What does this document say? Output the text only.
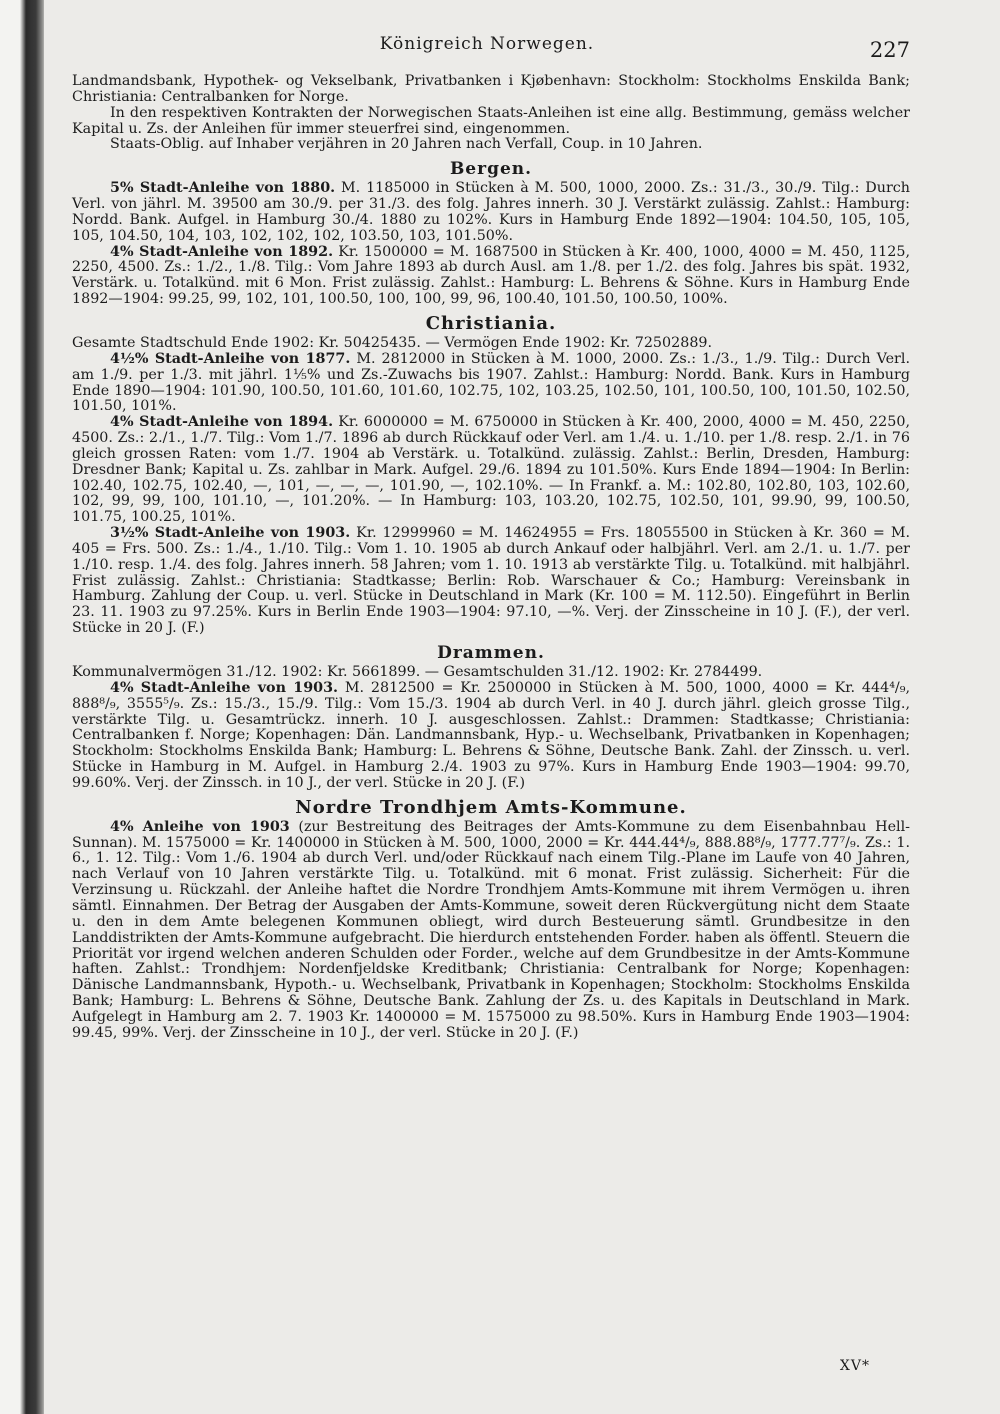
Königreich Norwegen.	227

Landmandsbank, Hypothek- og Vekselbank, Privatbanken i Kjøbenhavn: Stockholm: Stockholms Enskilda Bank; Christiania: Centralbanken for Norge.

In den respektiven Kontrakten der Norwegischen Staats-Anleihen ist eine allg. Bestimmung, gemäss welcher Kapital u. Zs. der Anleihen für immer steuerfrei sind, eingenommen.

Staats-Oblig. auf Inhaber verjähren in 20 Jahren nach Verfall, Coup. in 10 Jahren.

Bergen.

5% Stadt-Anleihe von 1880. M. 1185000 in Stücken à M. 500, 1000, 2000. Zs.: 31./3., 30./9. Tilg.: Durch Verl. von jährl. M. 39500 am 30./9. per 31./3. des folg. Jahres innerh. 30 J. Verstärkt zulässig. Zahlst.: Hamburg: Nordd. Bank. Aufgel. in Hamburg 30./4. 1880 zu 102%. Kurs in Hamburg Ende 1892—1904: 104.50, 105, 105, 105, 104.50, 104, 103, 102, 102, 102, 103.50, 103, 101.50%.

4% Stadt-Anleihe von 1892. Kr. 1500000 = M. 1687500 in Stücken à Kr. 400, 1000, 4000 = M. 450, 1125, 2250, 4500. Zs.: 1./2., 1./8. Tilg.: Vom Jahre 1893 ab durch Ausl. am 1./8. per 1./2. des folg. Jahres bis spät. 1932, Verstärk. u. Totalkünd. mit 6 Mon. Frist zulässig. Zahlst.: Hamburg: L. Behrens & Söhne. Kurs in Hamburg Ende 1892—1904: 99.25, 99, 102, 101, 100.50, 100, 100, 99, 96, 100.40, 101.50, 100.50, 100%.

Christiania.

Gesamte Stadtschuld Ende 1902: Kr. 50425435. — Vermögen Ende 1902: Kr. 72502889.

4½% Stadt-Anleihe von 1877. M. 2812000 in Stücken à M. 1000, 2000. Zs.: 1./3., 1./9. Tilg.: Durch Verl. am 1./9. per 1./3. mit jährl. 1⅕% und Zs.-Zuwachs bis 1907. Zahlst.: Hamburg: Nordd. Bank. Kurs in Hamburg Ende 1890—1904: 101.90, 100.50, 101.60, 101.60, 102.75, 102, 103.25, 102.50, 101, 100.50, 100, 101.50, 102.50, 101.50, 101%.

4% Stadt-Anleihe von 1894. Kr. 6000000 = M. 6750000 in Stücken à Kr. 400, 2000, 4000 = M. 450, 2250, 4500. Zs.: 2./1., 1./7. Tilg.: Vom 1./7. 1896 ab durch Rückkauf oder Verl. am 1./4. u. 1./10. per 1./8. resp. 2./1. in 76 gleich grossen Raten: vom 1./7. 1904 ab Verstärk. u. Totalkünd. zulässig. Zahlst.: Berlin, Dresden, Hamburg: Dresdner Bank; Kapital u. Zs. zahlbar in Mark. Aufgel. 29./6. 1894 zu 101.50%. Kurs Ende 1894—1904: In Berlin: 102.40, 102.75, 102.40, —, 101, —, —, —, 101.90, —, 102.10%. — In Frankf. a. M.: 102.80, 102.80, 103, 102.60, 102, 99, 99, 100, 101.10, —, 101.20%. — In Hamburg: 103, 103.20, 102.75, 102.50, 101, 99.90, 99, 100.50, 101.75, 100.25, 101%.

3½% Stadt-Anleihe von 1903. Kr. 12999960 = M. 14624955 = Frs. 18055500 in Stücken à Kr. 360 = M. 405 = Frs. 500. Zs.: 1./4., 1./10. Tilg.: Vom 1. 10. 1905 ab durch Ankauf oder halbjährl. Verl. am 2./1. u. 1./7. per 1./10. resp. 1./4. des folg. Jahres innerh. 58 Jahren; vom 1. 10. 1913 ab verstärkte Tilg. u. Totalkünd. mit halbjährl. Frist zulässig. Zahlst.: Christiania: Stadtkasse; Berlin: Rob. Warschauer & Co.; Hamburg: Vereinsbank in Hamburg. Zahlung der Coup. u. verl. Stücke in Deutschland in Mark (Kr. 100 = M. 112.50). Eingeführt in Berlin 23. 11. 1903 zu 97.25%. Kurs in Berlin Ende 1903—1904: 97.10, —%. Verj. der Zinsscheine in 10 J. (F.), der verl. Stücke in 20 J. (F.)

Drammen.

Kommunalvermögen 31./12. 1902: Kr. 5661899. — Gesamtschulden 31./12. 1902: Kr. 2784499.

4% Stadt-Anleihe von 1903. M. 2812500 = Kr. 2500000 in Stücken à M. 500, 1000, 4000 = Kr. 444⁴/₉, 888⁸/₉, 3555⁵/₉. Zs.: 15./3., 15./9. Tilg.: Vom 15./3. 1904 ab durch Verl. in 40 J. durch jährl. gleich grosse Tilg., verstärkte Tilg. u. Gesamtrückz. innerh. 10 J. ausgeschlossen. Zahlst.: Drammen: Stadtkasse; Christiania: Centralbanken f. Norge; Kopenhagen: Dän. Landmannsbank, Hyp.- u. Wechselbank, Privatbanken in Kopenhagen; Stockholm: Stockholms Enskilda Bank; Hamburg: L. Behrens & Söhne, Deutsche Bank. Zahl. der Zinssch. u. verl. Stücke in Hamburg in M. Aufgel. in Hamburg 2./4. 1903 zu 97%. Kurs in Hamburg Ende 1903—1904: 99.70, 99.60%. Verj. der Zinssch. in 10 J., der verl. Stücke in 20 J. (F.)

Nordre Trondhjem Amts-Kommune.

4% Anleihe von 1903 (zur Bestreitung des Beitrages der Amts-Kommune zu dem Eisenbahnbau Hell-Sunnan). M. 1575000 = Kr. 1400000 in Stücken à M. 500, 1000, 2000 = Kr. 444.44⁴/₉, 888.88⁸/₉, 1777.77⁷/₉. Zs.: 1. 6., 1. 12. Tilg.: Vom 1./6. 1904 ab durch Verl. und/oder Rückkauf nach einem Tilg.-Plane im Laufe von 40 Jahren, nach Verlauf von 10 Jahren verstärkte Tilg. u. Totalkünd. mit 6 monat. Frist zulässig. Sicherheit: Für die Verzinsung u. Rückzahl. der Anleihe haftet die Nordre Trondhjem Amts-Kommune mit ihrem Vermögen u. ihren sämtl. Einnahmen. Der Betrag der Ausgaben der Amts-Kommune, soweit deren Rückvergütung nicht dem Staate u. den in dem Amte belegenen Kommunen obliegt, wird durch Besteuerung sämtl. Grundbesitze in den Landdistrikten der Amts-Kommune aufgebracht. Die hierdurch entstehenden Forder. haben als öffentl. Steuern die Priorität vor irgend welchen anderen Schulden oder Forder., welche auf dem Grundbesitze in der Amts-Kommune haften. Zahlst.: Trondhjem: Nordenfjeldske Kreditbank; Christiania: Centralbank for Norge; Kopenhagen: Dänische Landmannsbank, Hypoth.- u. Wechselbank, Privatbank in Kopenhagen; Stockholm: Stockholms Enskilda Bank; Hamburg: L. Behrens & Söhne, Deutsche Bank. Zahlung der Zs. u. des Kapitals in Deutschland in Mark. Aufgelegt in Hamburg am 2. 7. 1903 Kr. 1400000 = M. 1575000 zu 98.50%. Kurs in Hamburg Ende 1903—1904: 99.45, 99%. Verj. der Zinsscheine in 10 J., der verl. Stücke in 20 J. (F.)

XV*
